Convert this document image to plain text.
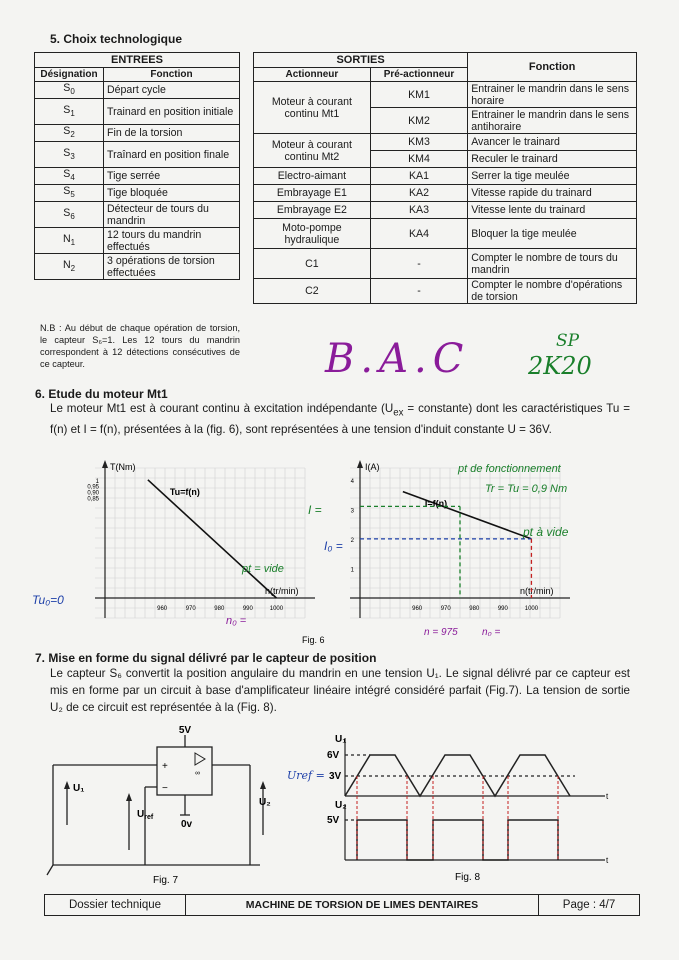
5. Choix technologique
ENTREES	
Désignation	Fonction
$S_0$	Départ cycle
$S_1$	Trainard en position initiale
$S_2$	Fin de la torsion
$S_3$	Traînard en position finale
$S_4$	Tige serrée
$S_5$	Tige bloquée
$S_6$	Détecteur de tours du mandrin
$N_1$	12 tours du mandrin effectués
$N_2$	3 opérations de torsion effectuées
N.B : Au début de chaque opération de torsion, le capteur S₆=1. Les 12 tours du mandrin correspondent à 12 détections consécutives de ce capteur.
SORTIES		Fonction
Actionneur	Pré-actionneur	
Moteur à courant continu Mt1	KM1	Entrainer le mandrin dans le sens horaire
	KM2	Entrainer le mandrin dans le sens antihoraire
Moteur à courant continu Mt2	KM3	Avancer le trainard
	KM4	Reculer le trainard
Electro-aimant	KA1	Serrer la tige meulée
Embrayage E1	KA2	Vitesse rapide du trainard
Embrayage E2	KA3	Vitesse lente du trainard
Moto-pompe hydraulique	KA4	Bloquer la tige meulée
C1	-	Compter le nombre de tours du mandrin
C2	-	Compter le nombre d'opérations de torsion
B.A.C	SP
2K20
6. Etude du moteur Mt1
Le moteur Mt1 est à courant continu à excitation indépendante ($U_{ex}$ = constante) dont les caractéristiques Tu = f(n) et I = f(n), présentées à la (fig. 6), sont représentées à une tension d'induit constante U = 36V.
T(Nm)
n(tr/min)
0,85
0,90
0,95
1
960	970	980	990	1000
Tu=f(n)
I(A)
n(tr/min)
1
2
3
4
960	970	980	990	1000
I=f(n)
Tu₀=0
pt = vide
n₀ =
pt de fonctionnement
Tr = Tu = 0,9 Nm
pt à vide
I =
I₀ =
n = 975 n₀ =
Fig. 6
7. Mise en forme du signal délivré par le capteur de position
Le capteur S₆ convertit la position angulaire du mandrin en une tension U₁. Le signal délivré par ce capteur est mis en forme par un circuit à base d'amplificateur linéaire intégré considéré parfait (Fig.7). La tension de sortie U₂ de ce circuit est représentée à la (Fig. 8).
5V
+
−
∞
U₁
$U_{ref}$
0v
U₂
Fig. 7
U₁
6V
3V
U₂
5V
t
t
Uref =
Fig. 8
Dossier technique	MACHINE DE TORSION DE LIMES DENTAIRES	Page : 4/7
